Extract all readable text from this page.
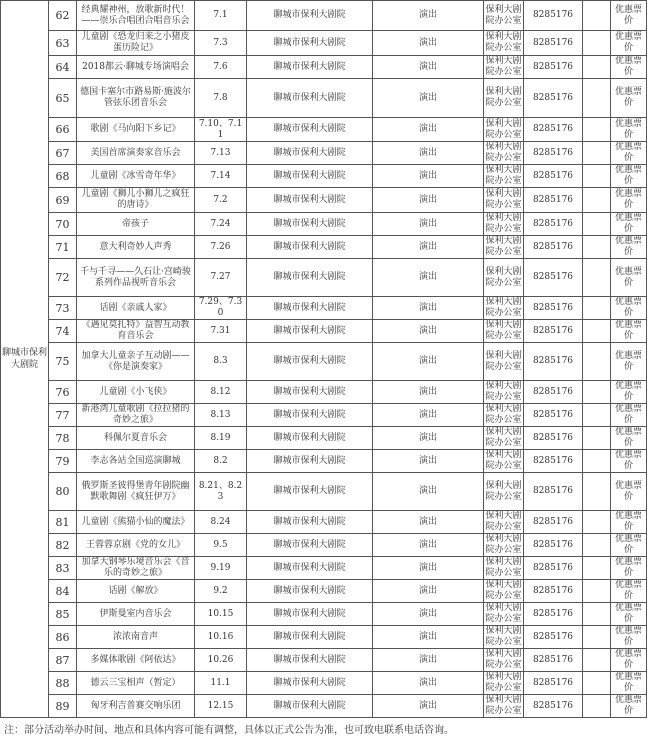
聊城市保利大剧院	62	经典耀神州，放歌新时代！——崇乐合唱团合唱音乐会	7.1	聊城市保利大剧院	演出	保利大剧院办公室	8285176		优惠票价
	63	儿童剧《恐龙归来之小猪皮蛋历险记》	7.3	聊城市保利大剧院	演出	保利大剧院办公室	8285176		优惠票价
	64	2018都云·聊城专场演唱会	7.6	聊城市保利大剧院	演出	保利大剧院办公室	8285176		优惠票价
	65	德国卡塞尔市路易斯·施波尔管弦乐团音乐会	7.8	聊城市保利大剧院	演出	保利大剧院办公室	8285176		优惠票价
	66	歌剧《马向阳下乡记》	7.10、7.11	聊城市保利大剧院	演出	保利大剧院办公室	8285176		优惠票价
	67	美国首席演奏家音乐会	7.13	聊城市保利大剧院	演出	保利大剧院办公室	8285176		优惠票价
	68	儿童剧《冰雪奇年华》	7.14	聊城市保利大剧院	演出	保利大剧院办公室	8285176		优惠票价
	69	儿童剧《狮儿小狮儿之疯狂的唐诗》	7.2	聊城市保利大剧院	演出	保利大剧院办公室	8285176		优惠票价
	70	帝孩子	7.24	聊城市保利大剧院	演出	保利大剧院办公室	8285176		优惠票价
	71	意大利奇妙人声秀	7.26	聊城市保利大剧院	演出	保利大剧院办公室	8285176		优惠票价
	72	千与千寻——久石让·宫崎骏系列作品视听音乐会	7.27	聊城市保利大剧院	演出	保利大剧院办公室	8285176		优惠票价
	73	话剧《亲戚人家》	7.29、7.30	聊城市保利大剧院	演出	保利大剧院办公室	8285176		优惠票价
	74	《遇见莫扎特》益智互动教育音乐会	7.31	聊城市保利大剧院	演出	保利大剧院办公室	8285176		优惠票价
	75	加拿大儿童亲子互动剧——《你是演奏家》	8.3	聊城市保利大剧院	演出	保利大剧院办公室	8285176		优惠票价
	76	儿童剧《小飞侠》	8.12	聊城市保利大剧院	演出	保利大剧院办公室	8285176		优惠票价
	77	新港湾儿童歌剧《拉拉猪的奇妙之旅》	8.13	聊城市保利大剧院	演出	保利大剧院办公室	8285176		优惠票价
	78	科佩尔夏音乐会	8.19	聊城市保利大剧院	演出	保利大剧院办公室	8285176		优惠票价
	79	李志各站全国巡演聊城	8.2	聊城市保利大剧院	演出	保利大剧院办公室	8285176		优惠票价
	80	俄罗斯圣彼得堡青年剧院幽默歌舞剧《疯狂伊万》	8.21、8.23	聊城市保利大剧院	演出	保利大剧院办公室	8285176		优惠票价
	81	儿童剧《熊猫小仙的魔法》	8.24	聊城市保利大剧院	演出	保利大剧院办公室	8285176		优惠票价
	82	王蓉蓉京剧《党的女儿》	9.5	聊城市保利大剧院	演出	保利大剧院办公室	8285176		优惠票价
	83	加拿大钢琴乐境音乐会《音乐的奇妙之旅》	9.19	聊城市保利大剧院	演出	保利大剧院办公室	8285176		优惠票价
	84	话剧《解放》	9.2	聊城市保利大剧院	演出	保利大剧院办公室	8285176		优惠票价
	85	伊斯曼室内音乐会	10.15	聊城市保利大剧院	演出	保利大剧院办公室	8285176		优惠票价
	86	浓浓南音声	10.16	聊城市保利大剧院	演出	保利大剧院办公室	8285176		优惠票价
	87	多媒体歌剧《阿依达》	10.26	聊城市保利大剧院	演出	保利大剧院办公室	8285176		优惠票价
	88	德云三宝相声（暂定）	11.1	聊城市保利大剧院	演出	保利大剧院办公室	8285176		优惠票价
	89	匈牙利吉普赛交响乐团	12.15	聊城市保利大剧院	演出	保利大剧院办公室	8285176		优惠票价
注：部分活动举办时间、地点和具体内容可能有调整，具体以正式公告为准，也可致电联系电话咨询。
